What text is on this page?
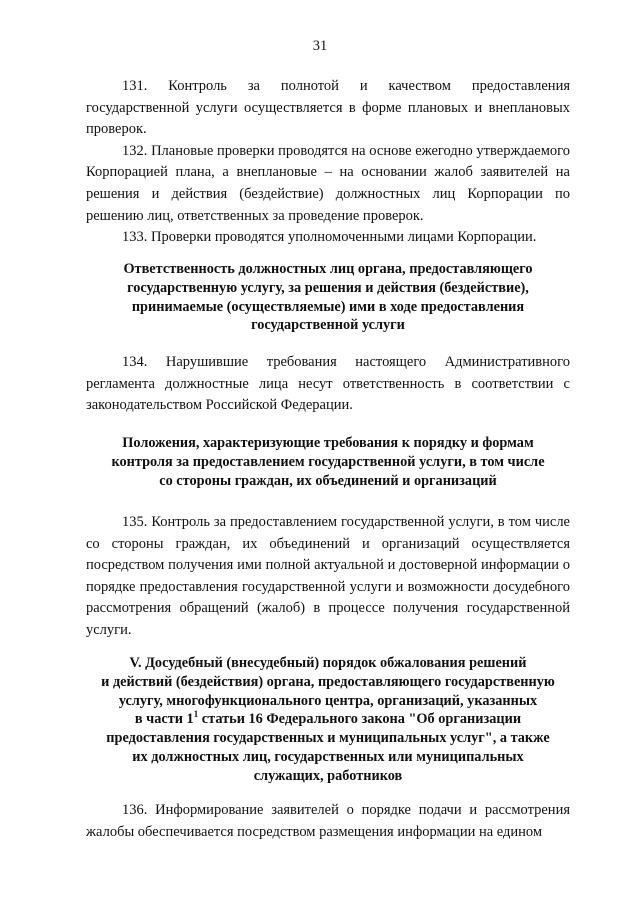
31

131. Контроль за полнотой и качеством предоставления государственной услуги осуществляется в форме плановых и внеплановых проверок.

132. Плановые проверки проводятся на основе ежегодно утверждаемого Корпорацией плана, а внеплановые – на основании жалоб заявителей на решения и действия (бездействие) должностных лиц Корпорации по решению лиц, ответственных за проведение проверок.

133. Проверки проводятся уполномоченными лицами Корпорации.

Ответственность должностных лиц органа, предоставляющего
государственную услугу, за решения и действия (бездействие),
принимаемые (осуществляемые) ими в ходе предоставления
государственной услуги

134. Нарушившие требования настоящего Административного регламента должностные лица несут ответственность в соответствии с законодательством Российской Федерации.

Положения, характеризующие требования к порядку и формам
контроля за предоставлением государственной услуги, в том числе
со стороны граждан, их объединений и организаций

135. Контроль за предоставлением государственной услуги, в том числе со стороны граждан, их объединений и организаций осуществляется посредством получения ими полной актуальной и достоверной информации о порядке предоставления государственной услуги и возможности досудебного рассмотрения обращений (жалоб) в процессе получения государственной услуги.

V. Досудебный (внесудебный) порядок обжалования решений
и действий (бездействия) органа, предоставляющего государственную
услугу, многофункционального центра, организаций, указанных
в части $1^1$ статьи 16 Федерального закона "Об организации
предоставления государственных и муниципальных услуг", а также
их должностных лиц, государственных или муниципальных
служащих, работников

136. Информирование заявителей о порядке подачи и рассмотрения жалобы обеспечивается посредством размещения информации на едином
